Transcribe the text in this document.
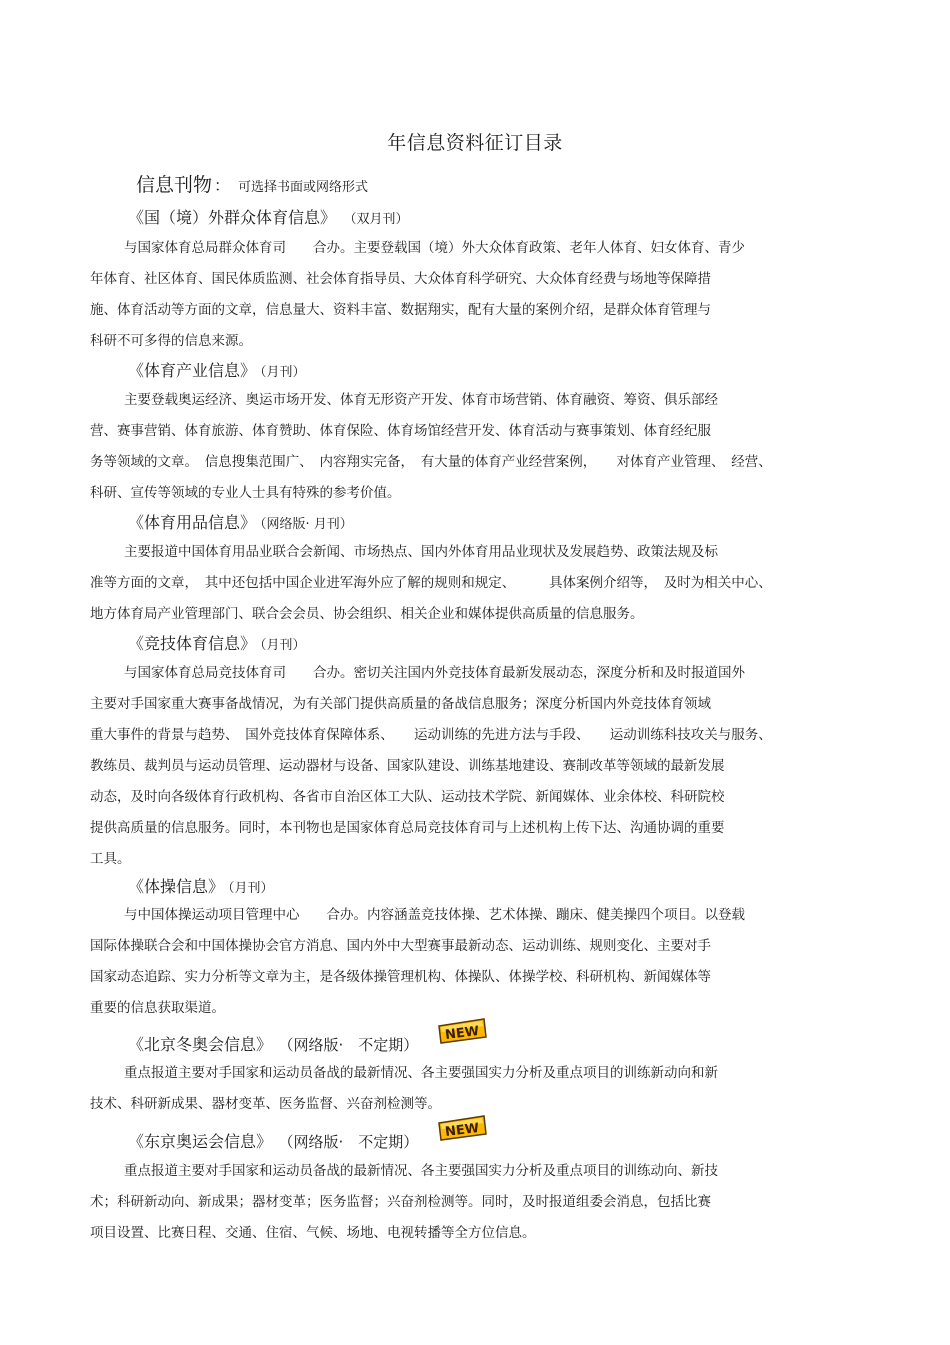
年信息资料征订目录
信息刊物 ： 可选择书面或网络形式
《国（境）外群众体育信息》 （双月刊）
与国家体育总局群众体育司　　合办。主要登载国（境）外大众体育政策、老年人体育、妇女体育、青少
年体育、社区体育、国民体质监测、社会体育指导员、大众体育科学研究、大众体育经费与场地等保障措
施、体育活动等方面的文章，信息量大、资料丰富、数据翔实，配有大量的案例介绍，是群众体育管理与
科研不可多得的信息来源。
《体育产业信息》 （月刊）
主要登载奥运经济、奥运市场开发、体育无形资产开发、体育市场营销、体育融资、筹资、俱乐部经
营、赛事营销、体育旅游、体育赞助、体育保险、体育场馆经营开发、体育活动与赛事策划、体育经纪服
务等领域的文章。　信息搜集范围广、　内容翔实完备，　有大量的体育产业经营案例，　　对体育产业管理、　经营、
科研、宣传等领域的专业人士具有特殊的参考价值。
《体育用品信息》 （网络版· 月刊）
主要报道中国体育用品业联合会新闻、市场热点、国内外体育用品业现状及发展趋势、政策法规及标
准等方面的文章，　其中还包括中国企业进军海外应了解的规则和规定、　　　具体案例介绍等，　及时为相关中心、
地方体育局产业管理部门、联合会会员、协会组织、相关企业和媒体提供高质量的信息服务。
《竞技体育信息》 （月刊）
与国家体育总局竞技体育司　　合办。密切关注国内外竞技体育最新发展动态，深度分析和及时报道国外
主要对手国家重大赛事备战情况，为有关部门提供高质量的备战信息服务；深度分析国内外竞技体育领域
重大事件的背景与趋势、　国外竞技体育保障体系、　　运动训练的先进方法与手段、　　运动训练科技攻关与服务、
教练员、裁判员与运动员管理、运动器材与设备、国家队建设、训练基地建设、赛制改革等领域的最新发展
动态，及时向各级体育行政机构、各省市自治区体工大队、运动技术学院、新闻媒体、业余体校、科研院校
提供高质量的信息服务。同时，本刊物也是国家体育总局竞技体育司与上述机构上传下达、沟通协调的重要
工具。
《体操信息》 （月刊）
与中国体操运动项目管理中心　　合办。内容涵盖竞技体操、艺术体操、蹦床、健美操四个项目。以登载
国际体操联合会和中国体操协会官方消息、国内外中大型赛事最新动态、运动训练、规则变化、主要对手
国家动态追踪、实力分析等文章为主，是各级体操管理机构、体操队、体操学校、科研机构、新闻媒体等
重要的信息获取渠道。
《北京冬奥会信息》 （网络版·　不定期）
NEW
重点报道主要对手国家和运动员备战的最新情况、各主要强国实力分析及重点项目的训练新动向和新
技术、科研新成果、器材变革、医务监督、兴奋剂检测等。
《东京奥运会信息》 （网络版·　不定期）
NEW
重点报道主要对手国家和运动员备战的最新情况、各主要强国实力分析及重点项目的训练动向、新技
术；科研新动向、新成果；器材变革；医务监督；兴奋剂检测等。同时，及时报道组委会消息，包括比赛
项目设置、比赛日程、交通、住宿、气候、场地、电视转播等全方位信息。
